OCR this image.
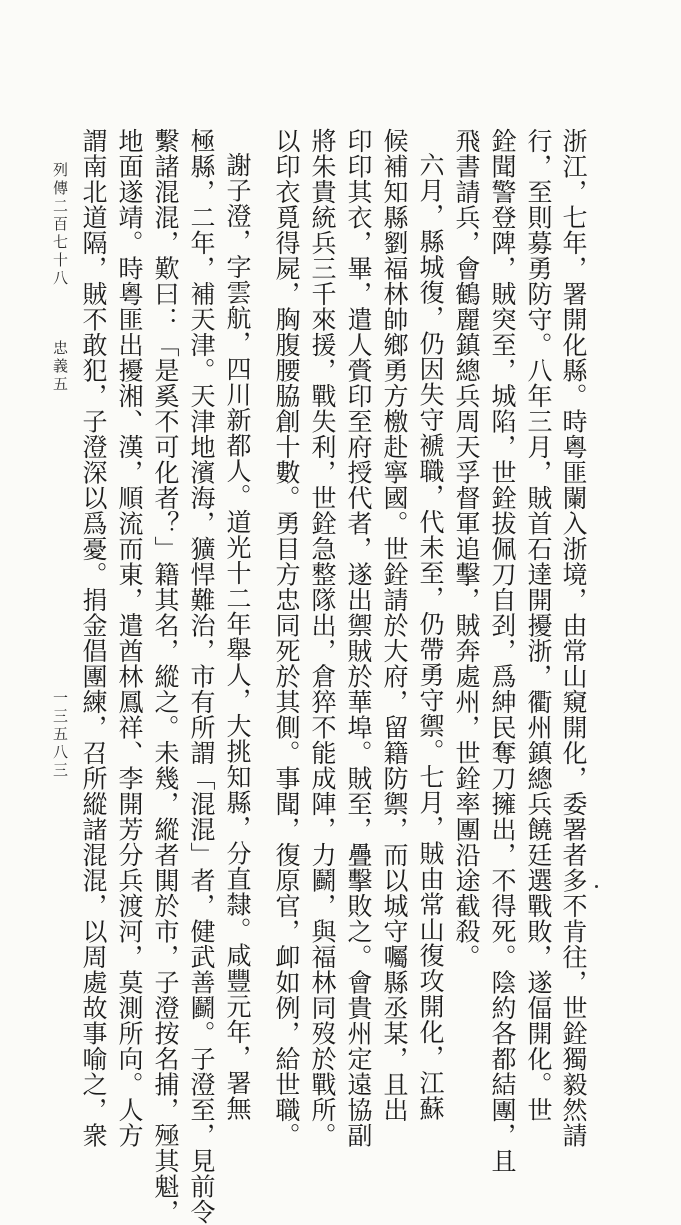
浙江，七年，署開化縣。時粵匪闌入浙境，由常山窺開化，委署者多不肯往，世銓獨毅然請
行，至則募勇防守。八年三月，賊首石達開擾浙，衢州鎮總兵饒廷選戰敗，遂偪開化。世
銓聞警登陴，賊突至，城陷，世銓拔佩刀自刭，爲紳民奪刀擁出，不得死。陰約各都結團，且
飛書請兵，會鶴麗鎮總兵周天孚督軍追擊，賊奔處州，世銓率團沿途截殺。
六月，縣城復，仍因失守褫職，代未至，仍帶勇守禦。七月，賊由常山復攻開化，江蘇
候補知縣劉福林帥鄉勇方檄赴寧國。世銓請於大府，留籍防禦，而以城守囑縣丞某，且出
印印其衣，畢，遣人賫印至府授代者，遂出禦賊於華埠。賊至，疊擊敗之。會貴州定遠協副
將朱貴統兵三千來援，戰失利，世銓急整隊出，倉猝不能成陣，力鬬，與福林同歿於戰所。
以印衣覓得屍，胸腹腰脇創十數。勇目方忠同死於其側。事聞，復原官，卹如例，給世職。
謝子澄，字雲航，四川新都人。道光十二年舉人，大挑知縣，分直隸。咸豐元年，署無
極縣，二年，補天津。天津地濱海，獷悍難治，市有所謂「混混」者，健武善鬬。子澄至，見前令
繫諸混混，歎曰：「是奚不可化者？」籍其名，縱之。未幾，縱者閧於市，子澄按名捕，殛其魁，
地面遂靖。時粵匪出擾湘、漢，順流而東，遣酋林鳳祥、李開芳分兵渡河，莫測所向。人方
謂南北道隔，賊不敢犯，子澄深以爲憂。捐金倡團練，召所縱諸混混，以周處故事喻之，衆
列傳二百七十八
忠義五
一三五八三
